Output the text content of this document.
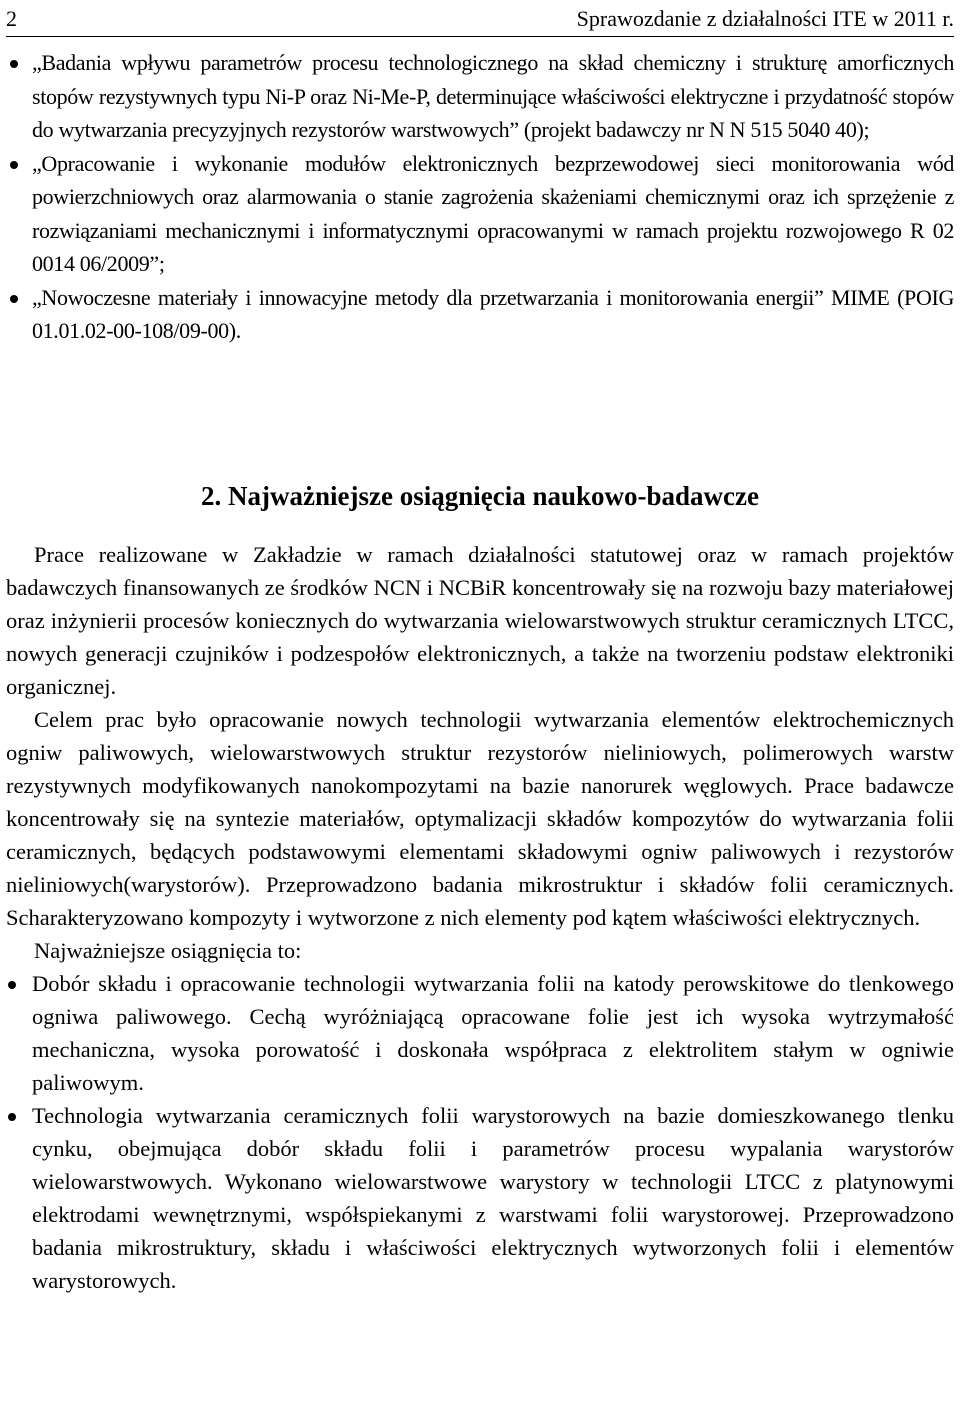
2	Sprawozdanie z działalności ITE w 2011 r.
„Badania wpływu parametrów procesu technologicznego na skład chemiczny i strukturę amorficznych stopów rezystywnych typu Ni-P oraz Ni-Me-P, determinujące właściwości elektryczne i przydatność stopów do wytwarzania precyzyjnych rezystorów warstwowych” (projekt badawczy nr N N 515 5040 40);
„Opracowanie i wykonanie modułów elektronicznych bezprzewodowej sieci monitorowania wód powierzchniowych oraz alarmowania o stanie zagrożenia skażeniami chemicznymi oraz ich sprzężenie z rozwiązaniami mechanicznymi i informatycznymi opracowanymi w ramach projektu rozwojowego R 02 0014 06/2009”;
„Nowoczesne materiały i innowacyjne metody dla przetwarzania i monitorowania energii” MIME (POIG 01.01.02-00-108/09-00).
2. Najważniejsze osiągnięcia naukowo-badawcze

Prace realizowane w Zakładzie w ramach działalności statutowej oraz w ramach projektów badawczych finansowanych ze środków NCN i NCBiR koncentrowały się na rozwoju bazy materiałowej oraz inżynierii procesów koniecznych do wytwarzania wielowarstwowych struktur ceramicznych LTCC, nowych generacji czujników i podzespołów elektronicznych, a także na tworzeniu podstaw elektroniki organicznej.

Celem prac było opracowanie nowych technologii wytwarzania elementów elektrochemicznych ogniw paliwowych, wielowarstwowych struktur rezystorów nieliniowych, polimerowych warstw rezystywnych modyfikowanych nanokompozytami na bazie nanorurek węglowych. Prace badawcze koncentrowały się na syntezie materiałów, optymalizacji składów kompozytów do wytwarzania folii ceramicznych, będących podstawowymi elementami składowymi ogniw paliwowych i rezystorów nieliniowych(warystorów). Przeprowadzono badania mikrostruktur i składów folii ceramicznych. Scharakteryzowano kompozyty i wytworzone z nich elementy pod kątem właściwości elektrycznych.

Najważniejsze osiągnięcia to:

Dobór składu i opracowanie technologii wytwarzania folii na katody perowskitowe do tlenkowego ogniwa paliwowego. Cechą wyróżniającą opracowane folie jest ich wysoka wytrzymałość mechaniczna, wysoka porowatość i doskonała współpraca z elektrolitem stałym w ogniwie paliwowym.
Technologia wytwarzania ceramicznych folii warystorowych na bazie domieszkowanego tlenku cynku, obejmująca dobór składu folii i parametrów procesu wypalania warystorów wielowarstwowych. Wykonano wielowarstwowe warystory w technologii LTCC z platynowymi elektrodami wewnętrznymi, współspiekanymi z warstwami folii warystorowej. Przeprowadzono badania mikrostruktury, składu i właściwości elektrycznych wytworzonych folii i elementów warystorowych.
